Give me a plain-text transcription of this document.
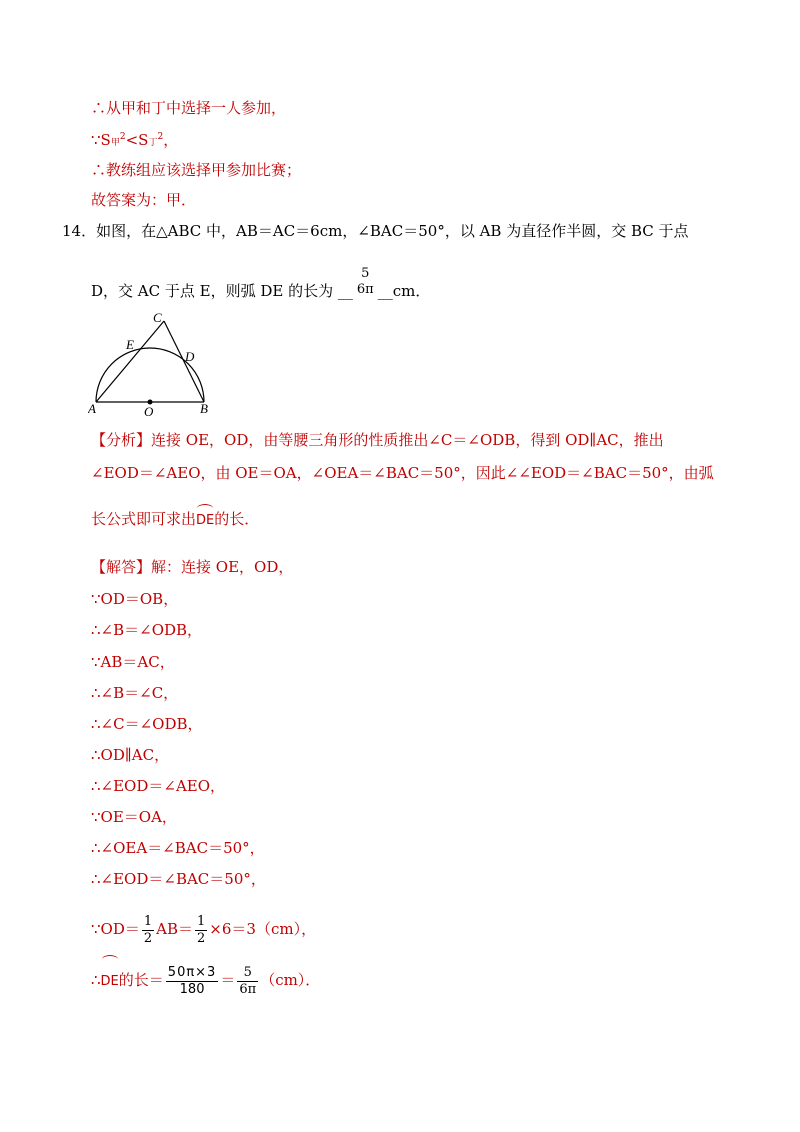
∴从甲和丁中选择一人参加，
∵S甲$^2$<S丁$^2$，
∴教练组应该选择甲参加比赛；
故答案为：甲．
14．如图，在△ABC 中，AB＝AC＝6cm，∠BAC＝50°，以 AB 为直径作半圆，交 BC 于点
D，交 AC 于点 E，则弧 DE 的长为 __
5
6π __cm．
A	B
C
D
E
O
【分析】连接 OE，OD，由等腰三角形的性质推出∠C＝∠ODB，得到 OD∥AC，推出
∠EOD＝∠AEO，由 OE＝OA，∠OEA＝∠BAC＝50°，因此∠∠EOD＝∠BAC＝50°，由弧
长公式即可求出DE的长．
【解答】解：连接 OE，OD，
∵OD＝OB，
∴∠B＝∠ODB，
∵AB＝AC，
∴∠B＝∠C，
∴∠C＝∠ODB，
∴OD∥AC，
∴∠EOD＝∠AEO，
∵OE＝OA，
∴∠OEA＝∠BAC＝50°，
∴∠EOD＝∠BAC＝50°，
∵OD＝ $\frac{1}{2} AB= \frac{1}{2} \times 6=3(cm)$，
∴DE的长＝ $\frac{50\pi\times 3}{180} = \frac{5}{6\pi} (cm)$．
